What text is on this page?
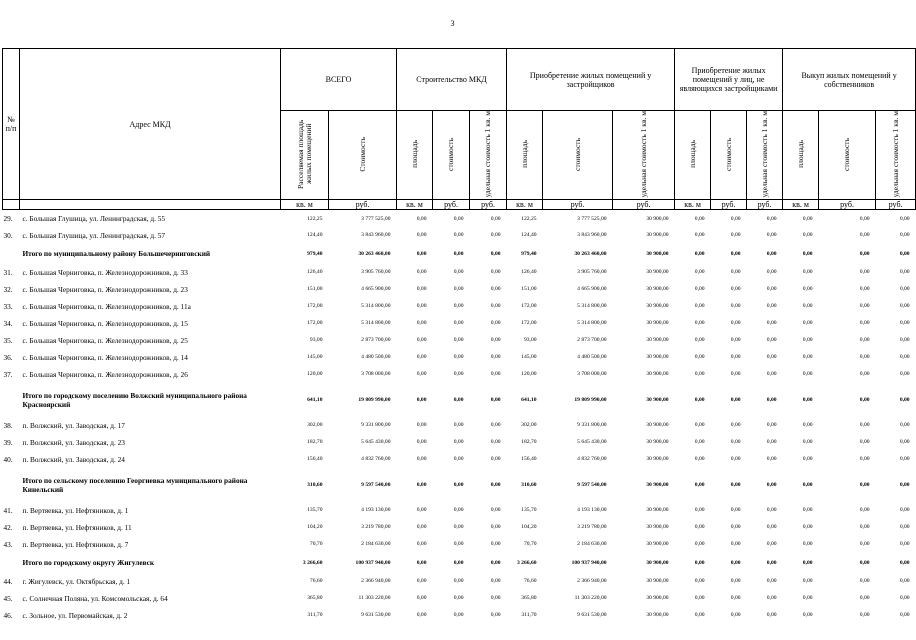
3
№ п/п	Адрес МКД	ВСЕГО		Строительство МКД			Приобретение жилых помещений у застройщиков			Приобретение жилых помещений у лиц, не являющихся застройщиками			Выкуп жилых помещений у собственников		
		Расселяемая площадь жилых помещений	Стоимость	площадь	стоимость	удельная стоимость 1 кв. м	площадь	стоимость	удельная стоимость 1 кв. м	площадь	стоимость	удельная стоимость 1 кв. м	площадь	стоимость	удельная стоимость 1 кв. м
		кв. м	руб.	кв. м	руб.	руб.	кв. м	руб.	руб.	кв. м	руб.	руб.	кв. м	руб.	руб.
29.	с. Большая Глушица, ул. Ленинградская, д. 55	122,25	3 777 525,00	0,00	0,00	0,00	122,25	3 777 525,00	30 900,00	0,00	0,00	0,00	0,00	0,00	0,00
30.	с. Большая Глушица, ул. Ленинградская, д. 57	124,40	3 843 960,00	0,00	0,00	0,00	124,40	3 843 960,00	30 900,00	0,00	0,00	0,00	0,00	0,00	0,00
	Итого по муниципальному району Большечерниговский	979,40	30 263 460,00	0,00	0,00	0,00	979,40	30 263 460,00	30 900,00	0,00	0,00	0,00	0,00	0,00	0,00
31.	с. Большая Черниговка, п. Железнодорожников, д. 33	126,40	3 905 760,00	0,00	0,00	0,00	126,40	3 905 760,00	30 900,00	0,00	0,00	0,00	0,00	0,00	0,00
32.	с. Большая Черниговка, п. Железнодорожников, д. 23	151,00	4 665 900,00	0,00	0,00	0,00	151,00	4 665 900,00	30 900,00	0,00	0,00	0,00	0,00	0,00	0,00
33.	с. Большая Черниговка, п. Железнодорожников, д. 11а	172,00	5 314 800,00	0,00	0,00	0,00	172,00	5 314 800,00	30 900,00	0,00	0,00	0,00	0,00	0,00	0,00
34.	с. Большая Черниговка, п. Железнодорожников, д. 15	172,00	5 314 800,00	0,00	0,00	0,00	172,00	5 314 800,00	30 900,00	0,00	0,00	0,00	0,00	0,00	0,00
35.	с. Большая Черниговка, п. Железнодорожников, д. 25	93,00	2 873 700,00	0,00	0,00	0,00	93,00	2 873 700,00	30 900,00	0,00	0,00	0,00	0,00	0,00	0,00
36.	с. Большая Черниговка, п. Железнодорожников, д. 14	145,00	4 480 500,00	0,00	0,00	0,00	145,00	4 480 500,00	30 900,00	0,00	0,00	0,00	0,00	0,00	0,00
37.	с. Большая Черниговка, п. Железнодорожников, д. 26	120,00	3 708 000,00	0,00	0,00	0,00	120,00	3 708 000,00	30 900,00	0,00	0,00	0,00	0,00	0,00	0,00
	Итого по городскому поселению Волжский муниципального района Красноярский	641,10	19 809 990,00	0,00	0,00	0,00	641,10	19 809 990,00	30 900,00	0,00	0,00	0,00	0,00	0,00	0,00
38.	п. Волжский, ул. Заводская, д. 17	302,00	9 331 800,00	0,00	0,00	0,00	302,00	9 331 800,00	30 900,00	0,00	0,00	0,00	0,00	0,00	0,00
39.	п. Волжский, ул. Заводская, д. 23	182,70	5 645 430,00	0,00	0,00	0,00	182,70	5 645 430,00	30 900,00	0,00	0,00	0,00	0,00	0,00	0,00
40.	п. Волжский, ул. Заводская, д. 24	156,40	4 832 760,00	0,00	0,00	0,00	156,40	4 832 760,00	30 900,00	0,00	0,00	0,00	0,00	0,00	0,00
	Итого по сельскому поселению Георгиевка муниципального района Кинельский	310,60	9 597 540,00	0,00	0,00	0,00	310,60	9 597 540,00	30 900,00	0,00	0,00	0,00	0,00	0,00	0,00
41.	п. Вертяевка, ул. Нефтяников, д. 1	135,70	4 193 130,00	0,00	0,00	0,00	135,70	4 193 130,00	30 900,00	0,00	0,00	0,00	0,00	0,00	0,00
42.	п. Вертяевка, ул. Нефтяников, д. 11	104,20	3 219 780,00	0,00	0,00	0,00	104,20	3 219 780,00	30 900,00	0,00	0,00	0,00	0,00	0,00	0,00
43.	п. Вертяевка, ул. Нефтяников, д. 7	70,70	2 184 630,00	0,00	0,00	0,00	70,70	2 184 630,00	30 900,00	0,00	0,00	0,00	0,00	0,00	0,00
	Итого по городскому округу Жигулевск	3 266,60	100 937 940,00	0,00	0,00	0,00	3 266,60	100 937 940,00	30 900,00	0,00	0,00	0,00	0,00	0,00	0,00
44.	г. Жигулевск, ул. Октябрьская, д. 1	76,60	2 366 940,00	0,00	0,00	0,00	76,60	2 366 940,00	30 900,00	0,00	0,00	0,00	0,00	0,00	0,00
45.	с. Солнечная Поляна, ул. Комсомольская, д. 64	365,80	11 303 220,00	0,00	0,00	0,00	365,80	11 303 220,00	30 900,00	0,00	0,00	0,00	0,00	0,00	0,00
46.	с. Зольное, ул. Первомайская, д. 2	311,70	9 631 530,00	0,00	0,00	0,00	311,70	9 631 530,00	30 900,00	0,00	0,00	0,00	0,00	0,00	0,00
